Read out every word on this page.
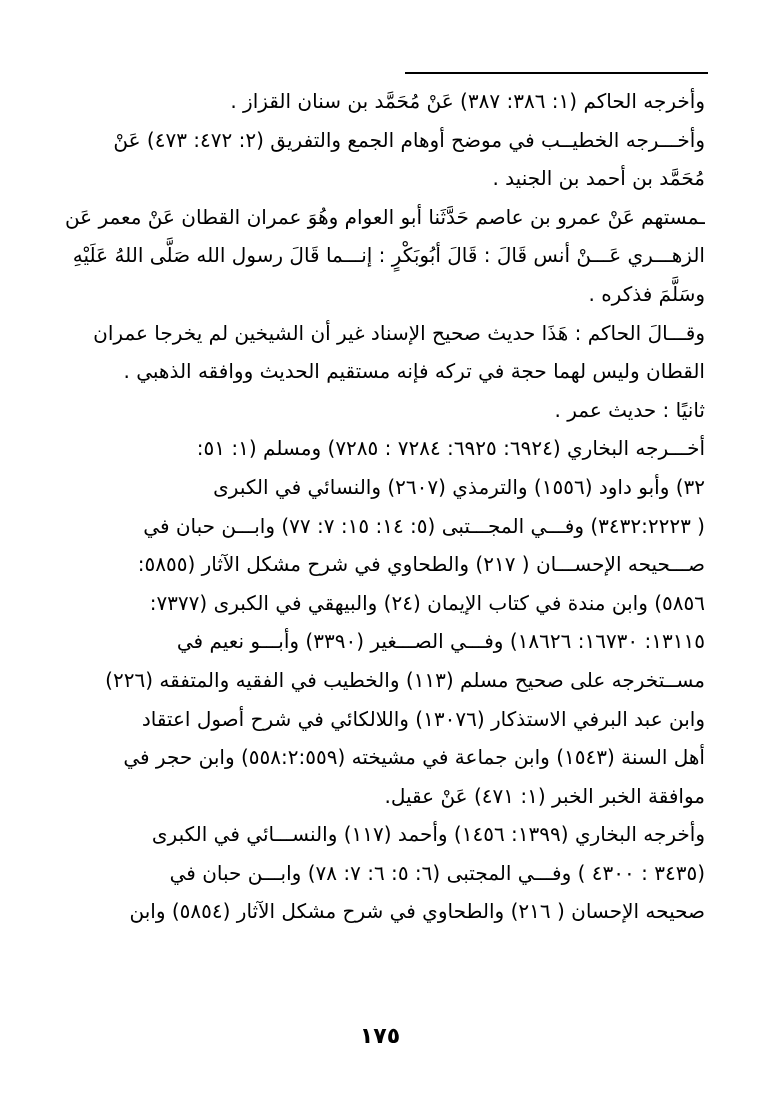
وأخرجه الحاكم (١: ٣٨٦: ٣٨٧) عَنْ مُحَمَّد بن سنان القزاز .
وأخـــرجه الخطيــب في موضح أوهام الجمع والتفريق (٢: ٤٧٢: ٤٧٣) عَنْ
مُحَمَّد بن أحمد بن الجنيد .
ـمستهم عَنْ عمرو بن عاصم حَدَّثَنا أبو العوام وهُوَ عمران القطان عَنْ معمر عَن
الزهـــري عَـــنْ أنس قَالَ : قَالَ أبُوبَكْرٍ : إنـــما قَالَ رسول الله صَلَّى اللهُ عَلَيْهِ
وسَلَّمَ فذكره .
وقـــالَ الحاكم : هَذَا حديث صحيح الإسناد غير أن الشيخين لم يخرجا عمران
القطان وليس لهما حجة في تركه فإنه مستقيم الحديث ووافقه الذهبي .
ثانيًا : حديث عمر .
أخـــرجه البخاري (٦٩٢٤: ٦٩٢٥: ٧٢٨٤ : ٧٢٨٥) ومسلم (١: ٥١:
٣٢) وأبو داود (١٥٥٦) والترمذي (٢٦٠٧) والنسائي في الكبرى
( ٣٤٣٢:٢٢٢٣) وفـــي المجـــتبى (٥: ١٤: ١٥: ٧: ٧٧) وابـــن حبان في
صـــحيحه الإحســـان ( ٢١٧) والطحاوي في شرح مشكل الآثار (٥٨٥٥:
٥٨٥٦) وابن مندة في كتاب الإيمان (٢٤) والبيهقي في الكبرى (٧٣٧٧:
١٣١١٥: ١٦٧٣٠: ١٨٦٢٦) وفـــي الصـــغير (٣٣٩٠) وأبـــو نعيم في
مســتخرجه على صحيح مسلم (١١٣) والخطيب في الفقيه والمتفقه (٢٢٦)
وابن عبد البرفي الاستذكار (١٣٠٧٦) واللالكائي في شرح أصول اعتقاد
أهل السنة (١٥٤٣) وابن جماعة في مشيخته (٥٥٨:٢:٥٥٩) وابن حجر في
موافقة الخبر الخبر (١: ٤٧١) عَنْ عقيل.
وأخرجه البخاري (١٣٩٩: ١٤٥٦) وأحمد (١١٧) والنســـائي في الكبرى
(٣٤٣٥ : ٤٣٠٠ ) وفـــي المجتبى (٦: ٥: ٦: ٧: ٧٨) وابـــن حبان في
صحيحه الإحسان ( ٢١٦) والطحاوي في شرح مشكل الآثار (٥٨٥٤) وابن
١٧٥
